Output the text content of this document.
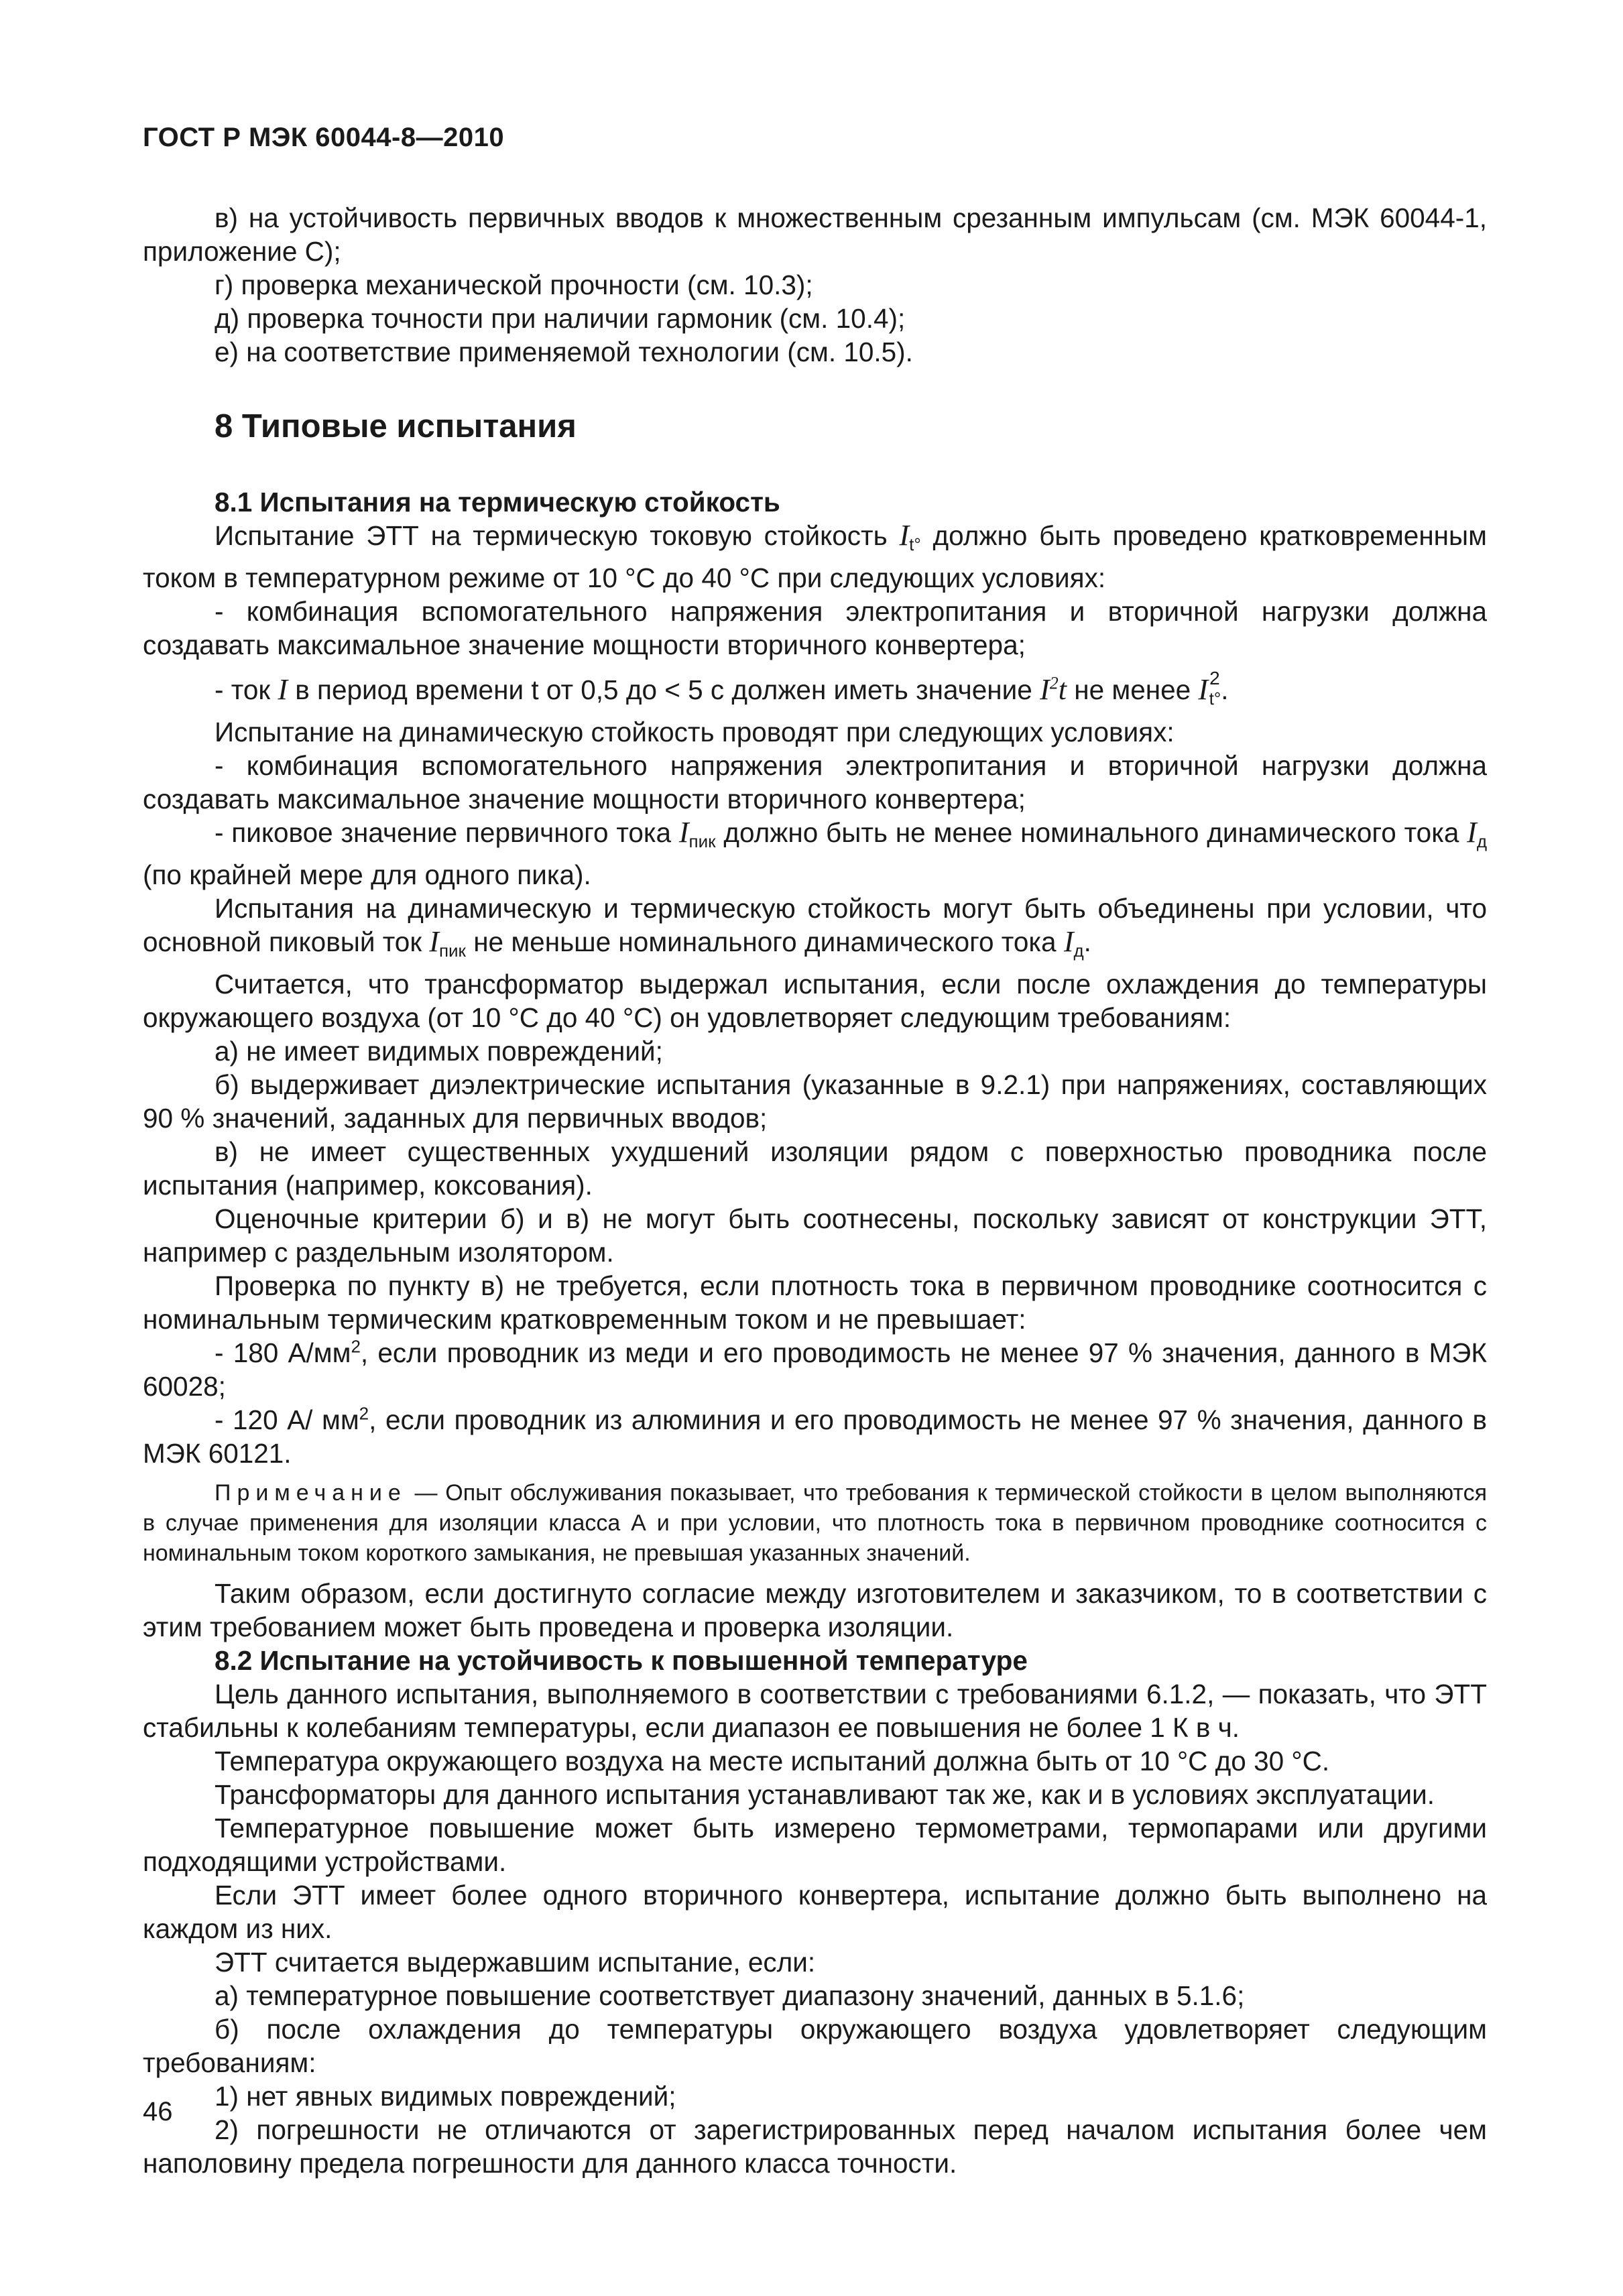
ГОСТ Р МЭК 60044-8—2010

в) на устойчивость первичных вводов к множественным срезанным импульсам (см. МЭК 60044-1, приложение С);

г) проверка механической прочности (см. 10.3);

д) проверка точности при наличии гармоник (см. 10.4);

е) на соответствие применяемой технологии (см. 10.5).

8 Типовые испытания
8.1 Испытания на термическую стойкость

Испытание ЭТТ на термическую токовую стойкость $I_{t^\circ}$ должно быть проведено кратковременным током в температурном режиме от 10 °С до 40 °С при следующих условиях:

- комбинация вспомогательного напряжения электропитания и вторичной нагрузки должна создавать максимальное значение мощности вторичного конвертера;

- ток I в период времени t от 0,5 до < 5 с должен иметь значение $I^2t$ не менее $I^2_{t^\circ}$.

Испытание на динамическую стойкость проводят при следующих условиях:

- комбинация вспомогательного напряжения электропитания и вторичной нагрузки должна создавать максимальное значение мощности вторичного конвертера;

- пиковое значение первичного тока $I_{пик}$ должно быть не менее номинального динамического тока $I_д$ (по крайней мере для одного пика).

Испытания на динамическую и термическую стойкость могут быть объединены при условии, что основной пиковый ток $I_{пик}$ не меньше номинального динамического тока $I_д$.

Считается, что трансформатор выдержал испытания, если после охлаждения до температуры окружающего воздуха (от 10 °С до 40 °С) он удовлетворяет следующим требованиям:

а) не имеет видимых повреждений;

б) выдерживает диэлектрические испытания (указанные в 9.2.1) при напряжениях, составляющих 90 % значений, заданных для первичных вводов;

в) не имеет существенных ухудшений изоляции рядом с поверхностью проводника после испытания (например, коксования).

Оценочные критерии б) и в) не могут быть соотнесены, поскольку зависят от конструкции ЭТТ, например с раздельным изолятором.

Проверка по пункту в) не требуется, если плотность тока в первичном проводнике соотносится с номинальным термическим кратковременным током и не превышает:

- 180 $А/мм^2$, если проводник из меди и его проводимость не менее 97 % значения, данного в МЭК 60028;

- 120 А/ $мм^2$, если проводник из алюминия и его проводимость не менее 97 % значения, данного в МЭК 60121.

Примечание — Опыт обслуживания показывает, что требования к термической стойкости в целом выполняются в случае применения для изоляции класса А и при условии, что плотность тока в первичном проводнике соотносится с номинальным током короткого замыкания, не превышая указанных значений.

Таким образом, если достигнуто согласие между изготовителем и заказчиком, то в соответствии с этим требованием может быть проведена и проверка изоляции.

8.2 Испытание на устойчивость к повышенной температуре

Цель данного испытания, выполняемого в соответствии с требованиями 6.1.2, — показать, что ЭТТ стабильны к колебаниям температуры, если диапазон ее повышения не более 1 К в ч.

Температура окружающего воздуха на месте испытаний должна быть от 10 °С до 30 °С.

Трансформаторы для данного испытания устанавливают так же, как и в условиях эксплуатации.

Температурное повышение может быть измерено термометрами, термопарами или другими подходящими устройствами.

Если ЭТТ имеет более одного вторичного конвертера, испытание должно быть выполнено на каждом из них.

ЭТТ считается выдержавшим испытание, если:

а) температурное повышение соответствует диапазону значений, данных в 5.1.6;

б) после охлаждения до температуры окружающего воздуха удовлетворяет следующим требованиям:

1) нет явных видимых повреждений;

2) погрешности не отличаются от зарегистрированных перед началом испытания более чем наполовину предела погрешности для данного класса точности.

46
